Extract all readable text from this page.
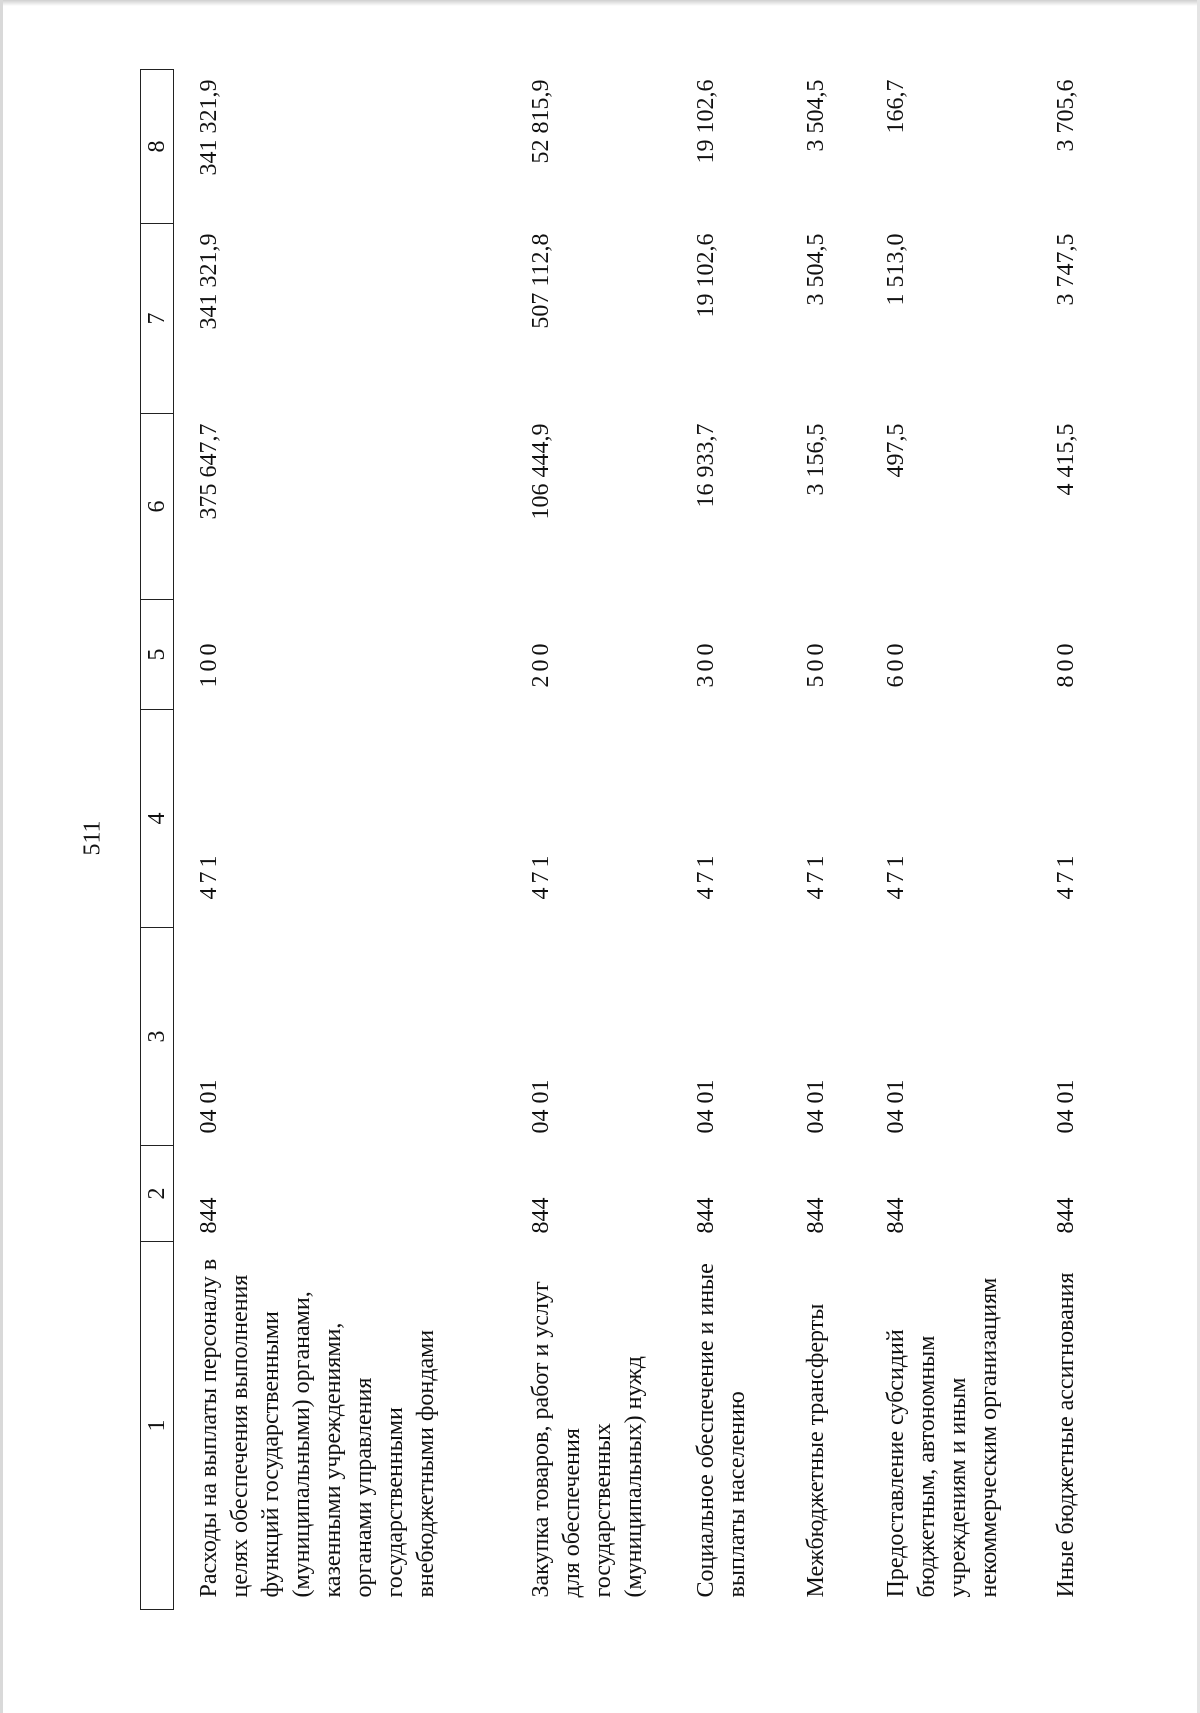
511
1	2	3	4	5	6	7	8
Расходы на выплаты персоналу в целях обеспечения выполнения функций государственными (муниципальными) органами, казенными учреждениями, органами управления государственными внебюджетными фондами	844	04 01	471	100	375 647,7	341 321,9	341 321,9
Закупка товаров, работ и услуг для обеспечения государственных (муниципальных) нужд	844	04 01	471	200	106 444,9	507 112,8	52 815,9
Социальное обеспечение и иные выплаты населению	844	04 01	471	300	16 933,7	19 102,6	19 102,6
Межбюджетные трансферты	844	04 01	471	500	3 156,5	3 504,5	3 504,5
Предоставление субсидий бюджетным, автономным учреждениям и иным некоммерческим организациям	844	04 01	471	600	497,5	1 513,0	166,7
Иные бюджетные ассигнования	844	04 01	471	800	4 415,5	3 747,5	3 705,6
